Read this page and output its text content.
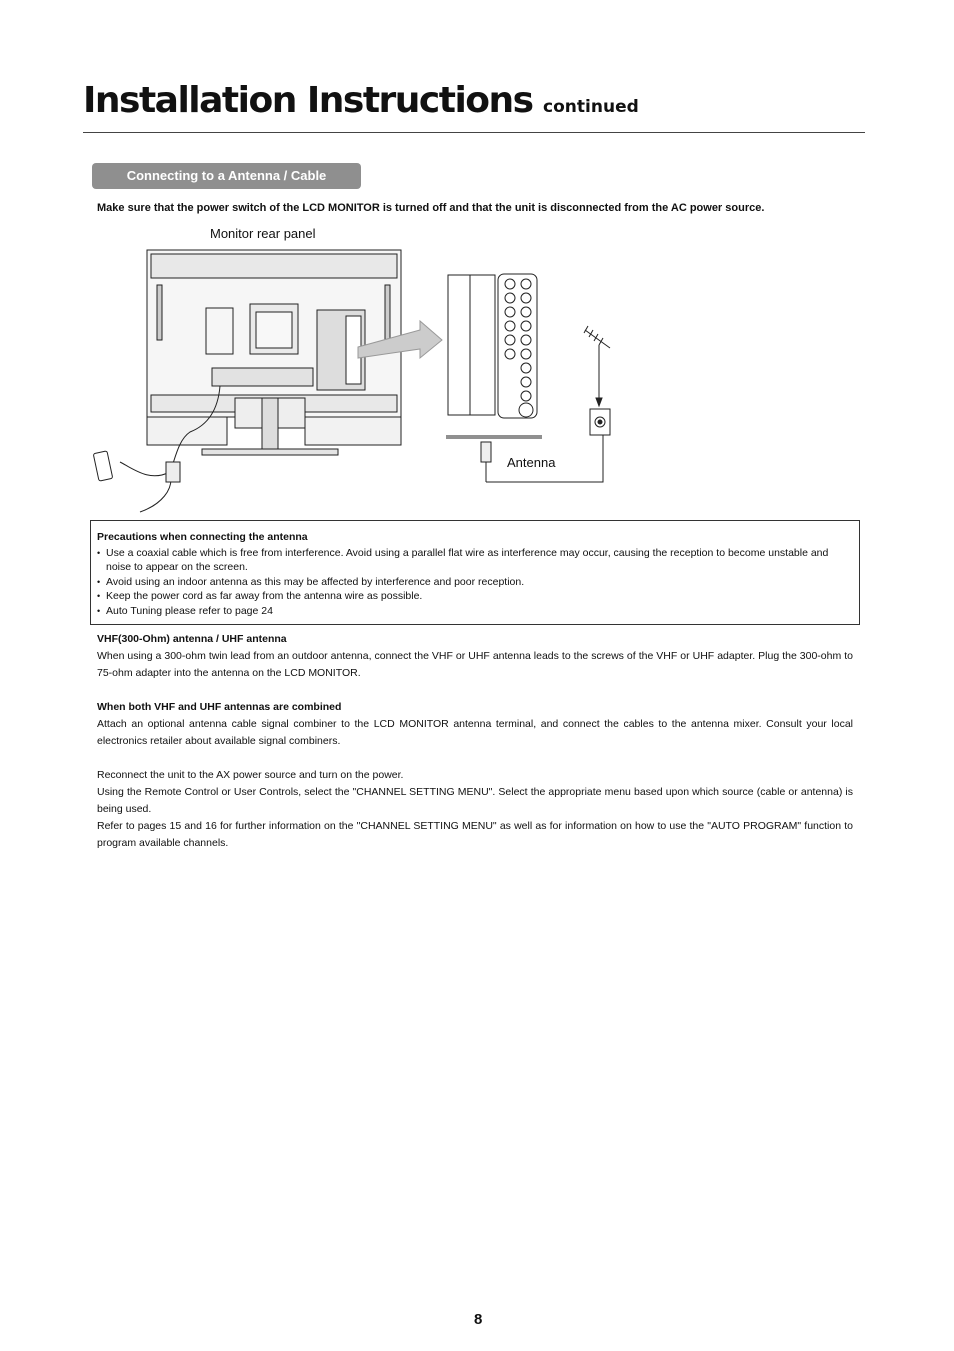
Installation Instructions continued
Connecting to a Antenna / Cable
Make sure that the power switch of the LCD MONITOR is turned off and that the unit is disconnected from the AC power source.
Monitor rear panel
Antenna
Precautions when connecting the antenna
• Use a coaxial cable which is free from interference. Avoid using a parallel flat wire as interference may occur, causing the reception to become unstable and noise to appear on the screen.
• Avoid using an indoor antenna as this may be affected by interference and poor reception.
• Keep the power cord as far away from the antenna wire as possible.
• Auto Tuning please refer to page 24
VHF(300-Ohm) antenna / UHF antenna

When using a 300-ohm twin lead from an outdoor antenna, connect the VHF or UHF antenna leads to the screws of the VHF or UHF adapter. Plug the 300-ohm to 75-ohm adapter into the antenna on the LCD MONITOR.

When both VHF and UHF antennas are combined

Attach an optional antenna cable signal combiner to the LCD MONITOR antenna terminal, and connect the cables to the antenna mixer. Consult your local electronics retailer about available signal combiners.

Reconnect the unit to the AX power source and turn on the power.

Using the Remote Control or User Controls, select the "CHANNEL SETTING MENU". Select the appropriate menu based upon which source (cable or antenna) is being used.

Refer to pages 15 and 16 for further information on the "CHANNEL SETTING MENU" as well as for information on how to use the "AUTO PROGRAM" function to program available channels.

8
